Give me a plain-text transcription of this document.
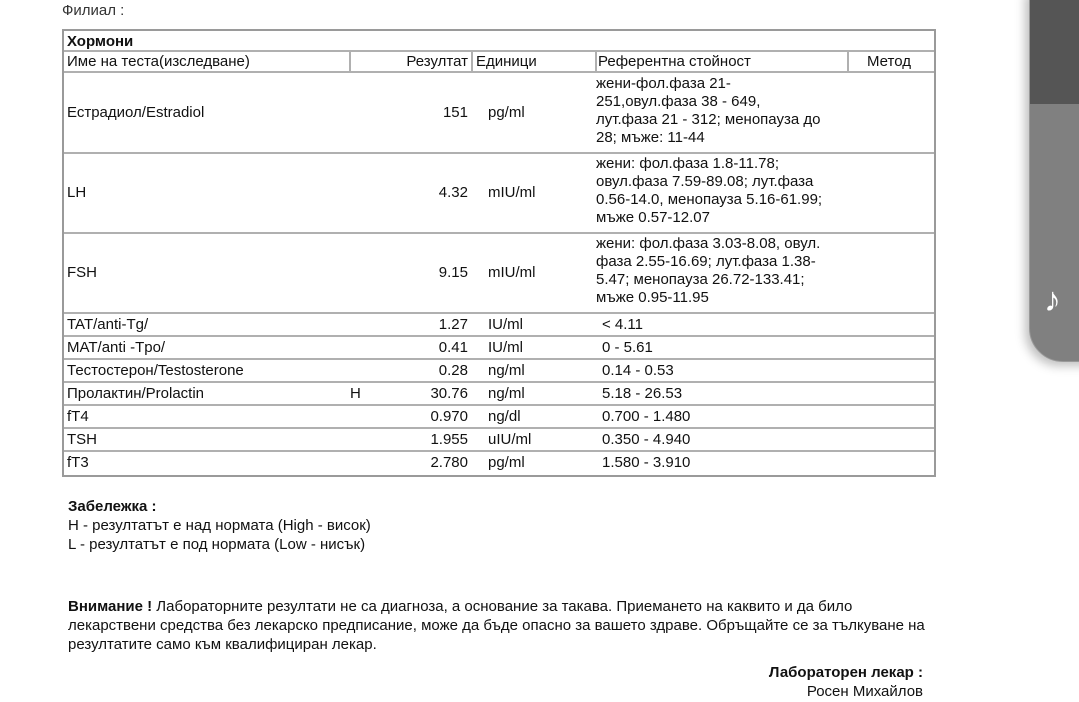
Филиал :
Хормони
Име на теста(изследване)	Резултат Единици	Референтна стойност	Метод
Естрадиол/Estradiol	151 pg/ml
жени-фол.фаза 21-
251,овул.фаза 38 - 649,
лут.фаза 21 - 312; менопауза до
28; мъже: 11-44
LH	4.32 mIU/ml
жени: фол.фаза 1.8-11.78;
овул.фаза 7.59-89.08; лут.фаза
0.56-14.0, менопауза 5.16-61.99;
мъже 0.57-12.07
FSH	9.15 mIU/ml
жени: фол.фаза 3.03-8.08, овул.
фаза 2.55-16.69; лут.фаза 1.38-
5.47; менопауза 26.72-133.41;
мъже 0.95-11.95
TAT/anti-Tg/	1.27 IU/ml	< 4.11
MAT/anti -Tpo/	0.41 IU/ml	0 - 5.61
Тестостерон/Testosterone	0.28 ng/ml	0.14 - 0.53
Пролактин/Prolactin	H	30.76 ng/ml	5.18 - 26.53
fT4	0.970 ng/dl	0.700 - 1.480
TSH	1.955 uIU/ml	0.350 - 4.940
fT3	2.780 pg/ml	1.580 - 3.910
Забележка :
H - резултатът е над нормата (High - висок)
L - резултатът е под нормата (Low - нисък)
Внимание ! Лабораторните резултати не са диагноза, а основание за такава. Приемането на каквито и да било лекарствени средства без лекарско предписание, може да бъде опасно за вашето здраве. Обръщайте се за тълкуване на резултатите само към квалифициран лекар.
Лабораторен лекар :
Росен Михайлов
♪
